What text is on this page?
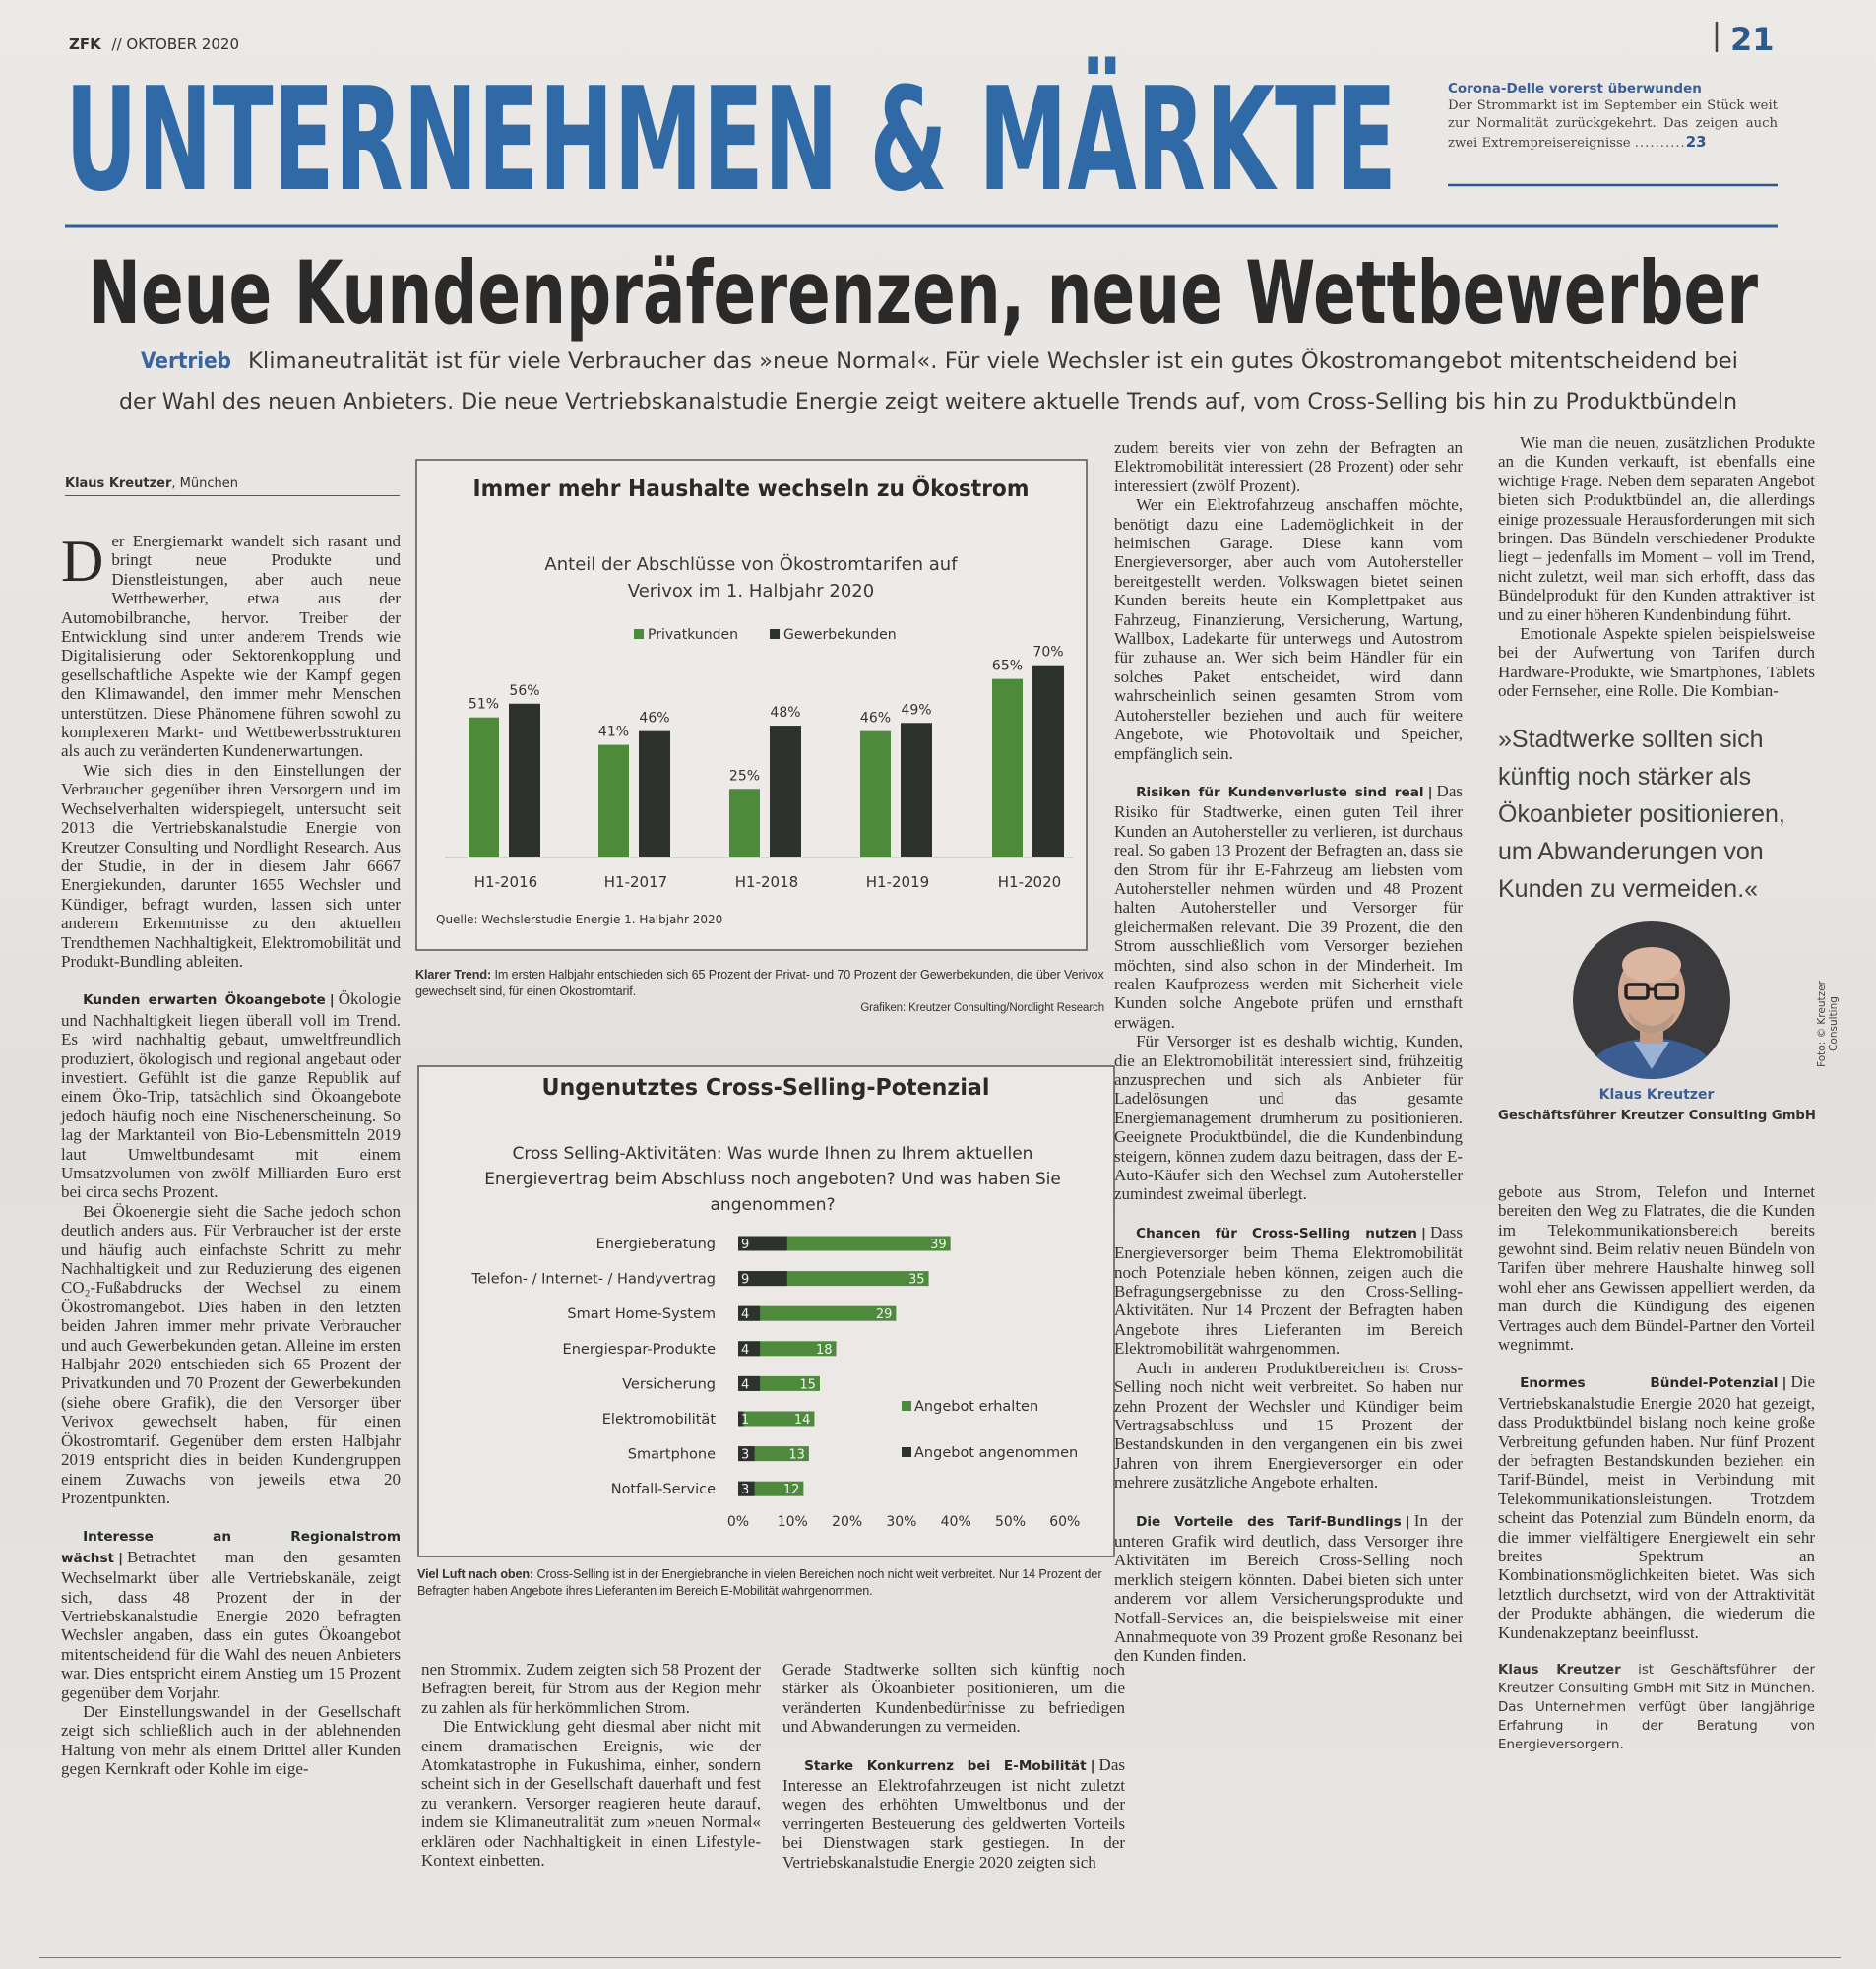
ZFK // OKTOBER 2020
UNTERNEHMEN & MÄRKTE
21
Neue Kundenpräferenzen, neue Wettbewerber
Vertrieb Klimaneutralität ist für viele Verbraucher das »neue Normal«. Für viele Wechsler ist ein gutes Ökostromangebot mitentscheidend bei
der Wahl des neuen Anbieters. Die neue Vertriebskanalstudie Energie zeigt weitere aktuelle Trends auf, vom Cross-Selling bis hin zu Produktbündeln
Corona-Delle vorerst überwunden
Der Strommarkt ist im September ein Stück weit zur Normalität zurückgekehrt. Das zeigen auch zwei Extrempreisereignisse ..........23
Klaus Kreutzer, München

Der Energiemarkt wandelt sich rasant und bringt neue Produkte und Dienstleistungen, aber auch neue Wettbewerber, etwa aus der Automobilbranche, hervor. Treiber der Entwicklung sind unter anderem Trends wie Digitalisierung oder Sektorenkopplung und gesellschaftliche Aspekte wie der Kampf gegen den Klimawandel, den immer mehr Menschen unterstützen. Diese Phänomene führen sowohl zu komplexeren Markt- und Wettbewerbsstrukturen als auch zu veränderten Kundenerwartungen.

Wie sich dies in den Einstellungen der Verbraucher gegenüber ihren Versorgern und im Wechselverhalten widerspiegelt, untersucht seit 2013 die Vertriebskanalstudie Energie von Kreutzer Consulting und Nordlight Research. Aus der Studie, in der in diesem Jahr 6667 Energiekunden, darunter 1655 Wechsler und Kündiger, befragt wurden, lassen sich unter anderem Erkenntnisse zu den aktuellen Trendthemen Nachhaltigkeit, Elektromobilität und Produkt-Bundling ableiten.

Kunden erwarten Ökoangebote | Ökologie und Nachhaltigkeit liegen überall voll im Trend. Es wird nachhaltig gebaut, umweltfreundlich produziert, ökologisch und regional angebaut oder investiert. Gefühlt ist die ganze Republik auf einem Öko-Trip, tatsächlich sind Ökoangebote jedoch häufig noch eine Nischenerscheinung. So lag der Marktanteil von Bio-Lebensmitteln 2019 laut Umweltbundesamt mit einem Umsatzvolumen von zwölf Milliarden Euro erst bei circa sechs Prozent.

Bei Ökoenergie sieht die Sache jedoch schon deutlich anders aus. Für Verbraucher ist der erste und häufig auch einfachste Schritt zu mehr Nachhaltigkeit und zur Reduzierung des eigenen CO₂-Fußabdrucks der Wechsel zu einem Ökostromangebot. Dies haben in den letzten beiden Jahren immer mehr private Verbraucher und auch Gewerbekunden getan. Alleine im ersten Halbjahr 2020 entschieden sich 65 Prozent der Privatkunden und 70 Prozent der Gewerbekunden (siehe obere Grafik), die den Versorger über Verivox gewechselt haben, für einen Ökostromtarif. Gegenüber dem ersten Halbjahr 2019 entspricht dies in beiden Kundengruppen einem Zuwachs von jeweils etwa 20 Prozentpunkten.

Interesse an Regionalstrom wächst | Betrachtet man den gesamten Wechselmarkt über alle Vertriebskanäle, zeigt sich, dass 48 Prozent der in der Vertriebskanalstudie Energie 2020 befragten Wechsler angaben, dass ein gutes Ökoangebot mitentscheidend für die Wahl des neuen Anbieters war. Dies entspricht einem Anstieg um 15 Prozent gegenüber dem Vorjahr.

Der Einstellungswandel in der Gesellschaft zeigt sich schließlich auch in der ablehnenden Haltung von mehr als einem Drittel aller Kunden gegen Kernkraft oder Kohle im eige-

nen Strommix. Zudem zeigten sich 58 Prozent der Befragten bereit, für Strom aus der Region mehr zu zahlen als für herkömmlichen Strom.

Die Entwicklung geht diesmal aber nicht mit einem dramatischen Ereignis, wie der Atomkatastrophe in Fukushima, einher, sondern scheint sich in der Gesellschaft dauerhaft und fest zu verankern. Versorger reagieren heute darauf, indem sie Klimaneutralität zum »neuen Normal« erklären oder Nachhaltigkeit in einen Lifestyle-Kontext einbetten.

Gerade Stadtwerke sollten sich künftig noch stärker als Ökoanbieter positionieren, um die veränderten Kundenbedürfnisse zu befriedigen und Abwanderungen zu vermeiden.

Starke Konkurrenz bei E-Mobilität | Das Interesse an Elektrofahrzeugen ist nicht zuletzt wegen des erhöhten Umweltbonus und der verringerten Besteuerung des geldwerten Vorteils bei Dienstwagen stark gestiegen. In der Vertriebskanalstudie Energie 2020 zeigten sich

zudem bereits vier von zehn der Befragten an Elektromobilität interessiert (28 Prozent) oder sehr interessiert (zwölf Prozent).

Wer ein Elektrofahrzeug anschaffen möchte, benötigt dazu eine Lademöglichkeit in der heimischen Garage. Diese kann vom Energieversorger, aber auch vom Autohersteller bereitgestellt werden. Volkswagen bietet seinen Kunden bereits heute ein Komplettpaket aus Fahrzeug, Finanzierung, Versicherung, Wartung, Wallbox, Ladekarte für unterwegs und Autostrom für zuhause an. Wer sich beim Händler für ein solches Paket entscheidet, wird dann wahrscheinlich seinen gesamten Strom vom Autohersteller beziehen und auch für weitere Angebote, wie Photovoltaik und Speicher, empfänglich sein.

Risiken für Kundenverluste sind real | Das Risiko für Stadtwerke, einen guten Teil ihrer Kunden an Autohersteller zu verlieren, ist durchaus real. So gaben 13 Prozent der Befragten an, dass sie den Strom für ihr E-Fahrzeug am liebsten vom Autohersteller nehmen würden und 48 Prozent halten Autohersteller und Versorger für gleichermaßen relevant. Die 39 Prozent, die den Strom ausschließlich vom Versorger beziehen möchten, sind also schon in der Minderheit. Im realen Kaufprozess werden mit Sicherheit viele Kunden solche Angebote prüfen und ernsthaft erwägen.

Für Versorger ist es deshalb wichtig, Kunden, die an Elektromobilität interessiert sind, frühzeitig anzusprechen und sich als Anbieter für Ladelösungen und das gesamte Energiemanagement drumherum zu positionieren. Geeignete Produktbündel, die die Kundenbindung steigern, können zudem dazu beitragen, dass der E-Auto-Käufer sich den Wechsel zum Autohersteller zumindest zweimal überlegt.

Chancen für Cross-Selling nutzen | Dass Energieversorger beim Thema Elektromobilität noch Potenziale heben können, zeigen auch die Befragungsergebnisse zu den Cross-Selling-Aktivitäten. Nur 14 Prozent der Befragten haben Angebote ihres Lieferanten im Bereich Elektromobilität wahrgenommen.

Auch in anderen Produktbereichen ist Cross-Selling noch nicht weit verbreitet. So haben nur zehn Prozent der Wechsler und Kündiger beim Vertragsabschluss und 15 Prozent der Bestandskunden in den vergangenen ein bis zwei Jahren von ihrem Energieversorger ein oder mehrere zusätzliche Angebote erhalten.

Die Vorteile des Tarif-Bundlings | In der unteren Grafik wird deutlich, dass Versorger ihre Aktivitäten im Bereich Cross-Selling noch merklich steigern könnten. Dabei bieten sich unter anderem vor allem Versicherungsprodukte und Notfall-Services an, die beispielsweise mit einer Annahmequote von 39 Prozent große Resonanz bei den Kunden finden.

Wie man die neuen, zusätzlichen Produkte an die Kunden verkauft, ist ebenfalls eine wichtige Frage. Neben dem separaten Angebot bieten sich Produktbündel an, die allerdings einige prozessuale Herausforderungen mit sich bringen. Das Bündeln verschiedener Produkte liegt – jedenfalls im Moment – voll im Trend, nicht zuletzt, weil man sich erhofft, dass das Bündelprodukt für den Kunden attraktiver ist und zu einer höheren Kundenbindung führt.

Emotionale Aspekte spielen beispielsweise bei der Aufwertung von Tarifen durch Hardware-Produkte, wie Smartphones, Tablets oder Fernseher, eine Rolle. Die Kombian-

»Stadtwerke sollten sich künftig noch stärker als Ökoanbieter positionieren, um Abwanderungen von Kunden zu vermeiden.«
Klaus Kreutzer
Geschäftsführer Kreutzer Consulting GmbH
Foto: © Kreutzer Consulting

gebote aus Strom, Telefon und Internet bereiten den Weg zu Flatrates, die die Kunden im Telekommunikationsbereich bereits gewohnt sind. Beim relativ neuen Bündeln von Tarifen über mehrere Haushalte hinweg soll wohl eher ans Gewissen appelliert werden, da man durch die Kündigung des eigenen Vertrages auch dem Bündel-Partner den Vorteil wegnimmt.

Enormes Bündel-Potenzial | Die Vertriebskanalstudie Energie 2020 hat gezeigt, dass Produktbündel bislang noch keine große Verbreitung gefunden haben. Nur fünf Prozent der befragten Bestandskunden beziehen ein Tarif-Bündel, meist in Verbindung mit Telekommunikationsleistungen. Trotzdem scheint das Potenzial zum Bündeln enorm, da die immer vielfältigere Energiewelt ein sehr breites Spektrum an Kombinationsmöglichkeiten bietet. Was sich letztlich durchsetzt, wird von der Attraktivität der Produkte abhängen, die wiederum die Kundenakzeptanz beeinflusst.

Klaus Kreutzer ist Geschäftsführer der Kreutzer Consulting GmbH mit Sitz in München. Das Unternehmen verfügt über langjährige Erfahrung in der Beratung von Energieversorgern.

Immer mehr Haushalte wechseln zu Ökostrom
Anteil der Abschlüsse von Ökostromtarifen auf
Verivox im 1. Halbjahr 2020
Privatkunden	Gewerbekunden
51%
56%
H1-2016
41%
46%
H1-2017
25%
48%
H1-2018
46%
49%
H1-2019
65%
70%
H1-2020
Quelle: Wechslerstudie Energie 1. Halbjahr 2020
Klarer Trend: Im ersten Halbjahr entschieden sich 65 Prozent der Privat- und 70 Prozent der Gewerbekunden, die über Verivox gewechselt sind, für einen Ökostromtarif.
Grafiken: Kreutzer Consulting/Nordlight Research
Ungenutztes Cross-Selling-Potenzial
Cross Selling-Aktivitäten: Was wurde Ihnen zu Ihrem aktuellen
Energievertrag beim Abschluss noch angeboten? Und was haben Sie
angenommen?
9	39
Energieberatung
9	35
Telefon- / Internet- / Handyvertrag
4	29
Smart Home-System
4	18
Energiespar-Produkte
4	15
Versicherung
1	14
Elektromobilität
3	13
Smartphone
3	12
Notfall-Service
0% 10% 20% 30% 40% 50% 60%
Angebot erhalten
Angebot angenommen
Viel Luft nach oben: Cross-Selling ist in der Energiebranche in vielen Bereichen noch nicht weit verbreitet. Nur 14 Prozent der Befragten haben Angebote ihres Lieferanten im Bereich E-Mobilität wahrgenommen.
